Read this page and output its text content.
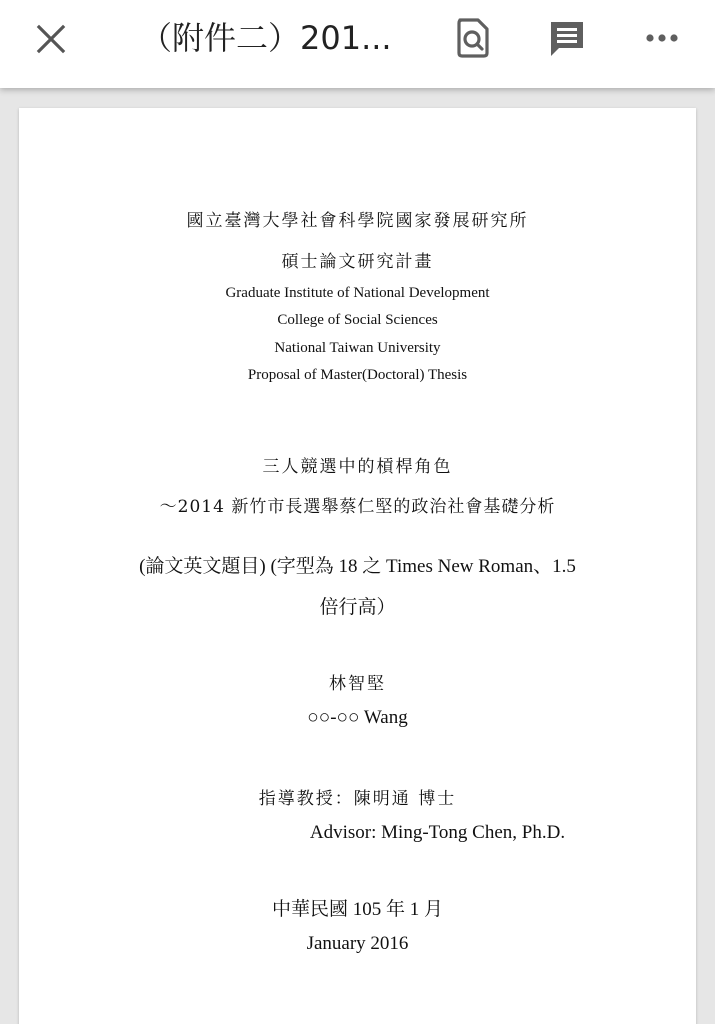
（附件二）201...
國立臺灣大學社會科學院國家發展研究所
碩士論文研究計畫
Graduate Institute of National Development
College of Social Sciences
National Taiwan University
Proposal of Master(Doctoral) Thesis
三人競選中的槓桿角色
～2014 新竹市長選舉蔡仁堅的政治社會基礎分析
(論文英文題目) (字型為 18 之 Times New Roman、1.5
倍行高）
林智堅
○○-○○ Wang
指導教授：陳明通 博士
Advisor: Ming-Tong Chen, Ph.D.
中華民國 105 年 1 月
January 2016
